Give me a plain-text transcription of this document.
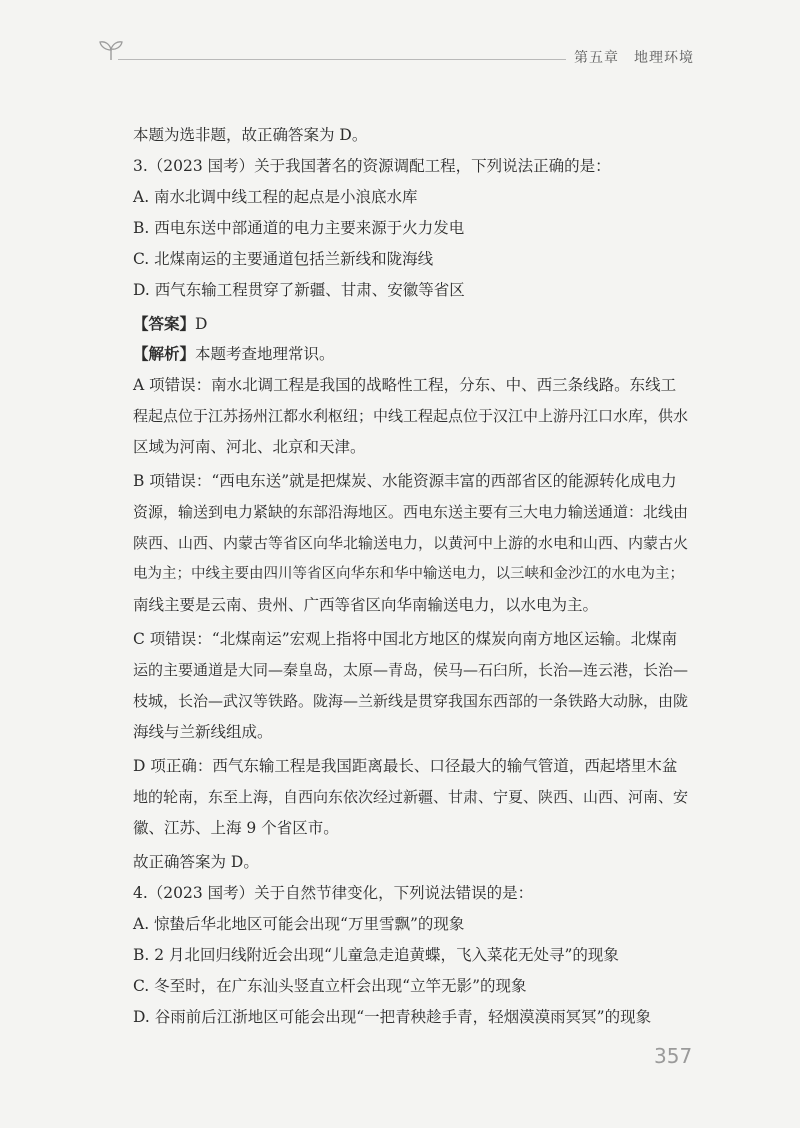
第五章　地理环境
本题为选非题，故正确答案为 D。
3.（2023 国考）关于我国著名的资源调配工程，下列说法正确的是：
A. 南水北调中线工程的起点是小浪底水库
B. 西电东送中部通道的电力主要来源于火力发电
C. 北煤南运的主要通道包括兰新线和陇海线
D. 西气东输工程贯穿了新疆、甘肃、安徽等省区
【答案】D
【解析】本题考查地理常识。
A 项错误：南水北调工程是我国的战略性工程，分东、中、西三条线路。东线工
程起点位于江苏扬州江都水利枢纽；中线工程起点位于汉江中上游丹江口水库，供水
区域为河南、河北、北京和天津。
B 项错误：“西电东送”就是把煤炭、水能资源丰富的西部省区的能源转化成电力
资源，输送到电力紧缺的东部沿海地区。西电东送主要有三大电力输送通道：北线由
陕西、山西、内蒙古等省区向华北输送电力，以黄河中上游的水电和山西、内蒙古火
电为主；中线主要由四川等省区向华东和华中输送电力，以三峡和金沙江的水电为主；
南线主要是云南、贵州、广西等省区向华南输送电力，以水电为主。
C 项错误：“北煤南运”宏观上指将中国北方地区的煤炭向南方地区运输。北煤南
运的主要通道是大同—秦皇岛，太原—青岛，侯马—石臼所，长治—连云港，长治—
枝城，长治—武汉等铁路。陇海—兰新线是贯穿我国东西部的一条铁路大动脉，由陇
海线与兰新线组成。
D 项正确：西气东输工程是我国距离最长、口径最大的输气管道，西起塔里木盆
地的轮南，东至上海，自西向东依次经过新疆、甘肃、宁夏、陕西、山西、河南、安
徽、江苏、上海 9 个省区市。
故正确答案为 D。
4.（2023 国考）关于自然节律变化，下列说法错误的是：
A. 惊蛰后华北地区可能会出现“万里雪飘”的现象
B. 2 月北回归线附近会出现“儿童急走追黄蝶，飞入菜花无处寻”的现象
C. 冬至时，在广东汕头竖直立杆会出现“立竿无影”的现象
D. 谷雨前后江浙地区可能会出现“一把青秧趁手青，轻烟漠漠雨冥冥”的现象
357
